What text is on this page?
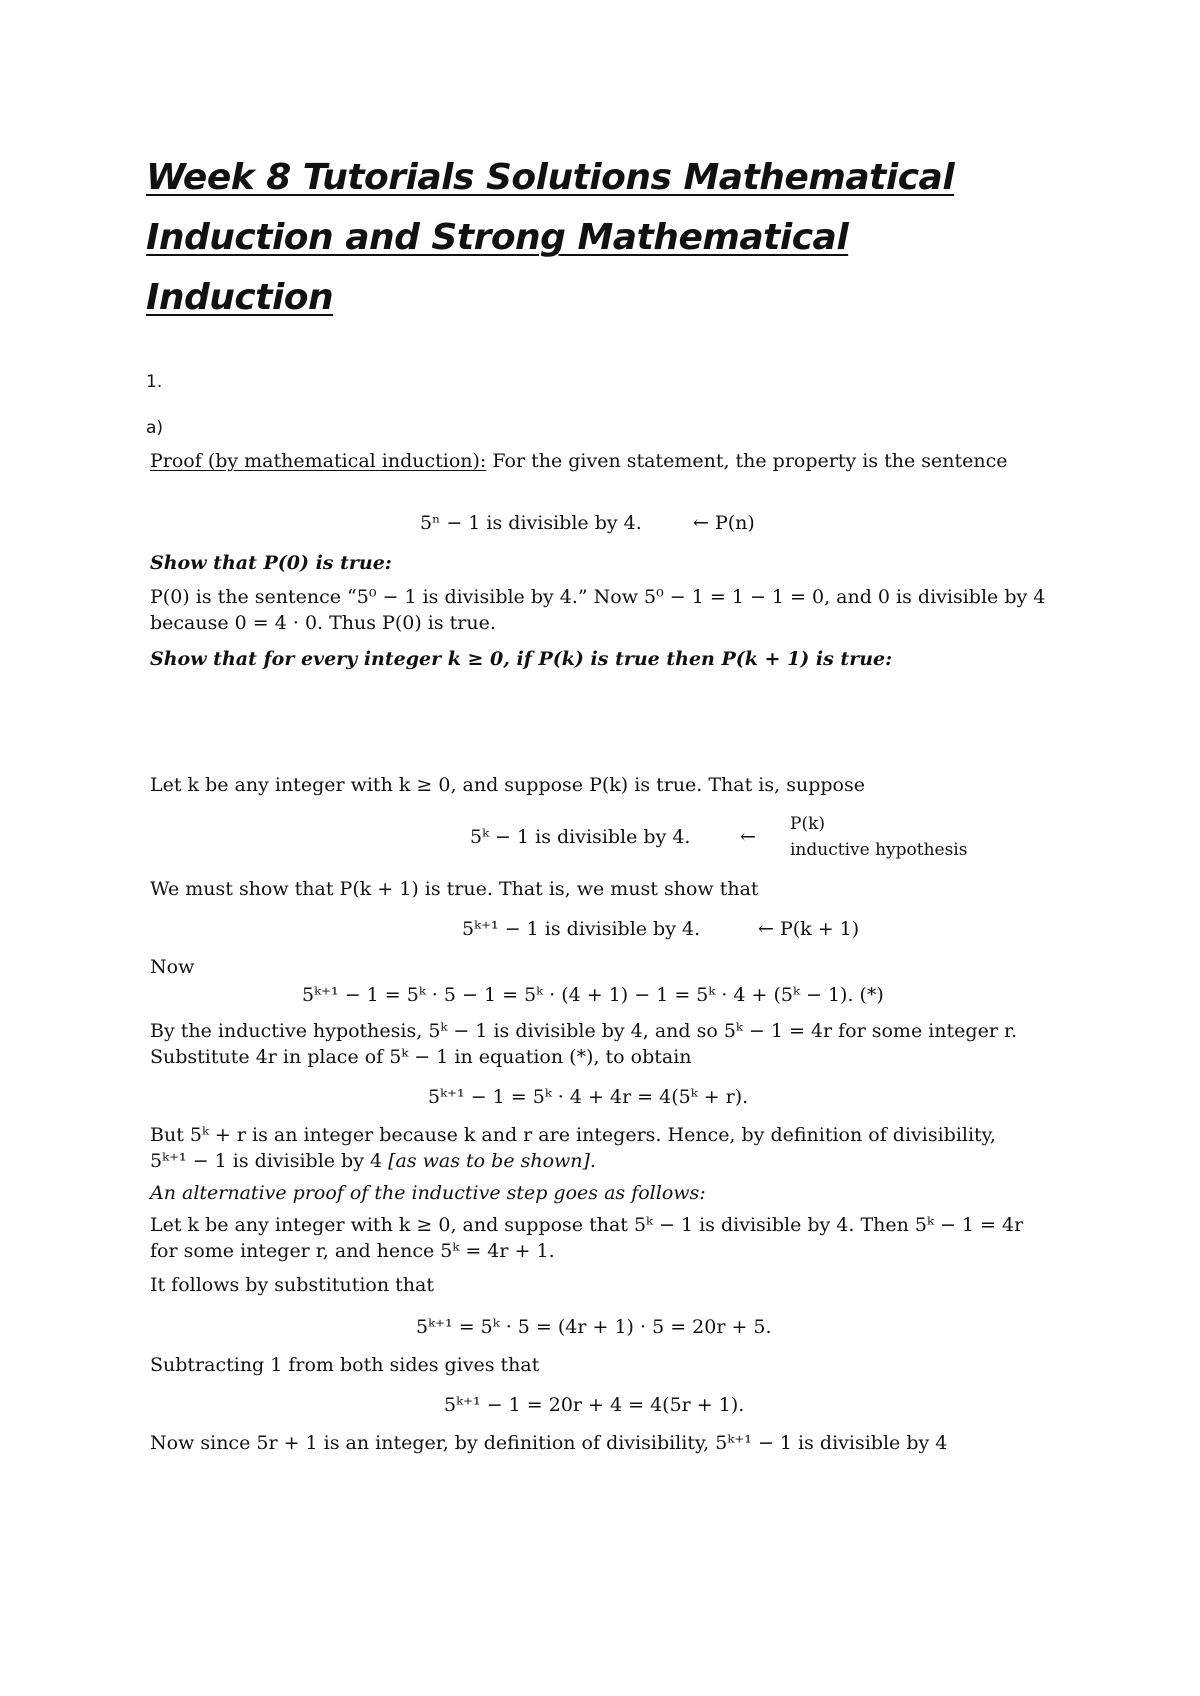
Week 8 Tutorials Solutions Mathematical
Induction and Strong Mathematical Induction
1.
a)
Proof (by mathematical induction): For the given statement, the property is the sentence
5ⁿ − 1 is divisible by 4.	← P(n)
Show that P(0) is true:
P(0) is the sentence “5⁰ − 1 is divisible by 4.” Now 5⁰ − 1 = 1 − 1 = 0, and 0 is divisible by 4
because 0 = 4 · 0. Thus P(0) is true.
Show that for every integer k ≥ 0, if P(k) is true then P(k + 1) is true:
Let k be any integer with k ≥ 0, and suppose P(k) is true. That is, suppose
5ᵏ − 1 is divisible by 4.	←
P(k)
inductive hypothesis
We must show that P(k + 1) is true. That is, we must show that
5ᵏ⁺¹ − 1 is divisible by 4.	← P(k + 1)
Now
5ᵏ⁺¹ − 1 = 5ᵏ · 5 − 1 = 5ᵏ · (4 + 1) − 1 = 5ᵏ · 4 + (5ᵏ − 1). (*)
By the inductive hypothesis, 5ᵏ − 1 is divisible by 4, and so 5ᵏ − 1 = 4r for some integer r.
Substitute 4r in place of 5ᵏ − 1 in equation (*), to obtain
5ᵏ⁺¹ − 1 = 5ᵏ · 4 + 4r = 4(5ᵏ + r).
But 5ᵏ + r is an integer because k and r are integers. Hence, by definition of divisibility,
5ᵏ⁺¹ − 1 is divisible by 4 [as was to be shown].
An alternative proof of the inductive step goes as follows:
Let k be any integer with k ≥ 0, and suppose that 5ᵏ − 1 is divisible by 4. Then 5ᵏ − 1 = 4r
for some integer r, and hence 5ᵏ = 4r + 1.
It follows by substitution that
5ᵏ⁺¹ = 5ᵏ · 5 = (4r + 1) · 5 = 20r + 5.
Subtracting 1 from both sides gives that
5ᵏ⁺¹ − 1 = 20r + 4 = 4(5r + 1).
Now since 5r + 1 is an integer, by definition of divisibility, 5ᵏ⁺¹ − 1 is divisible by 4
